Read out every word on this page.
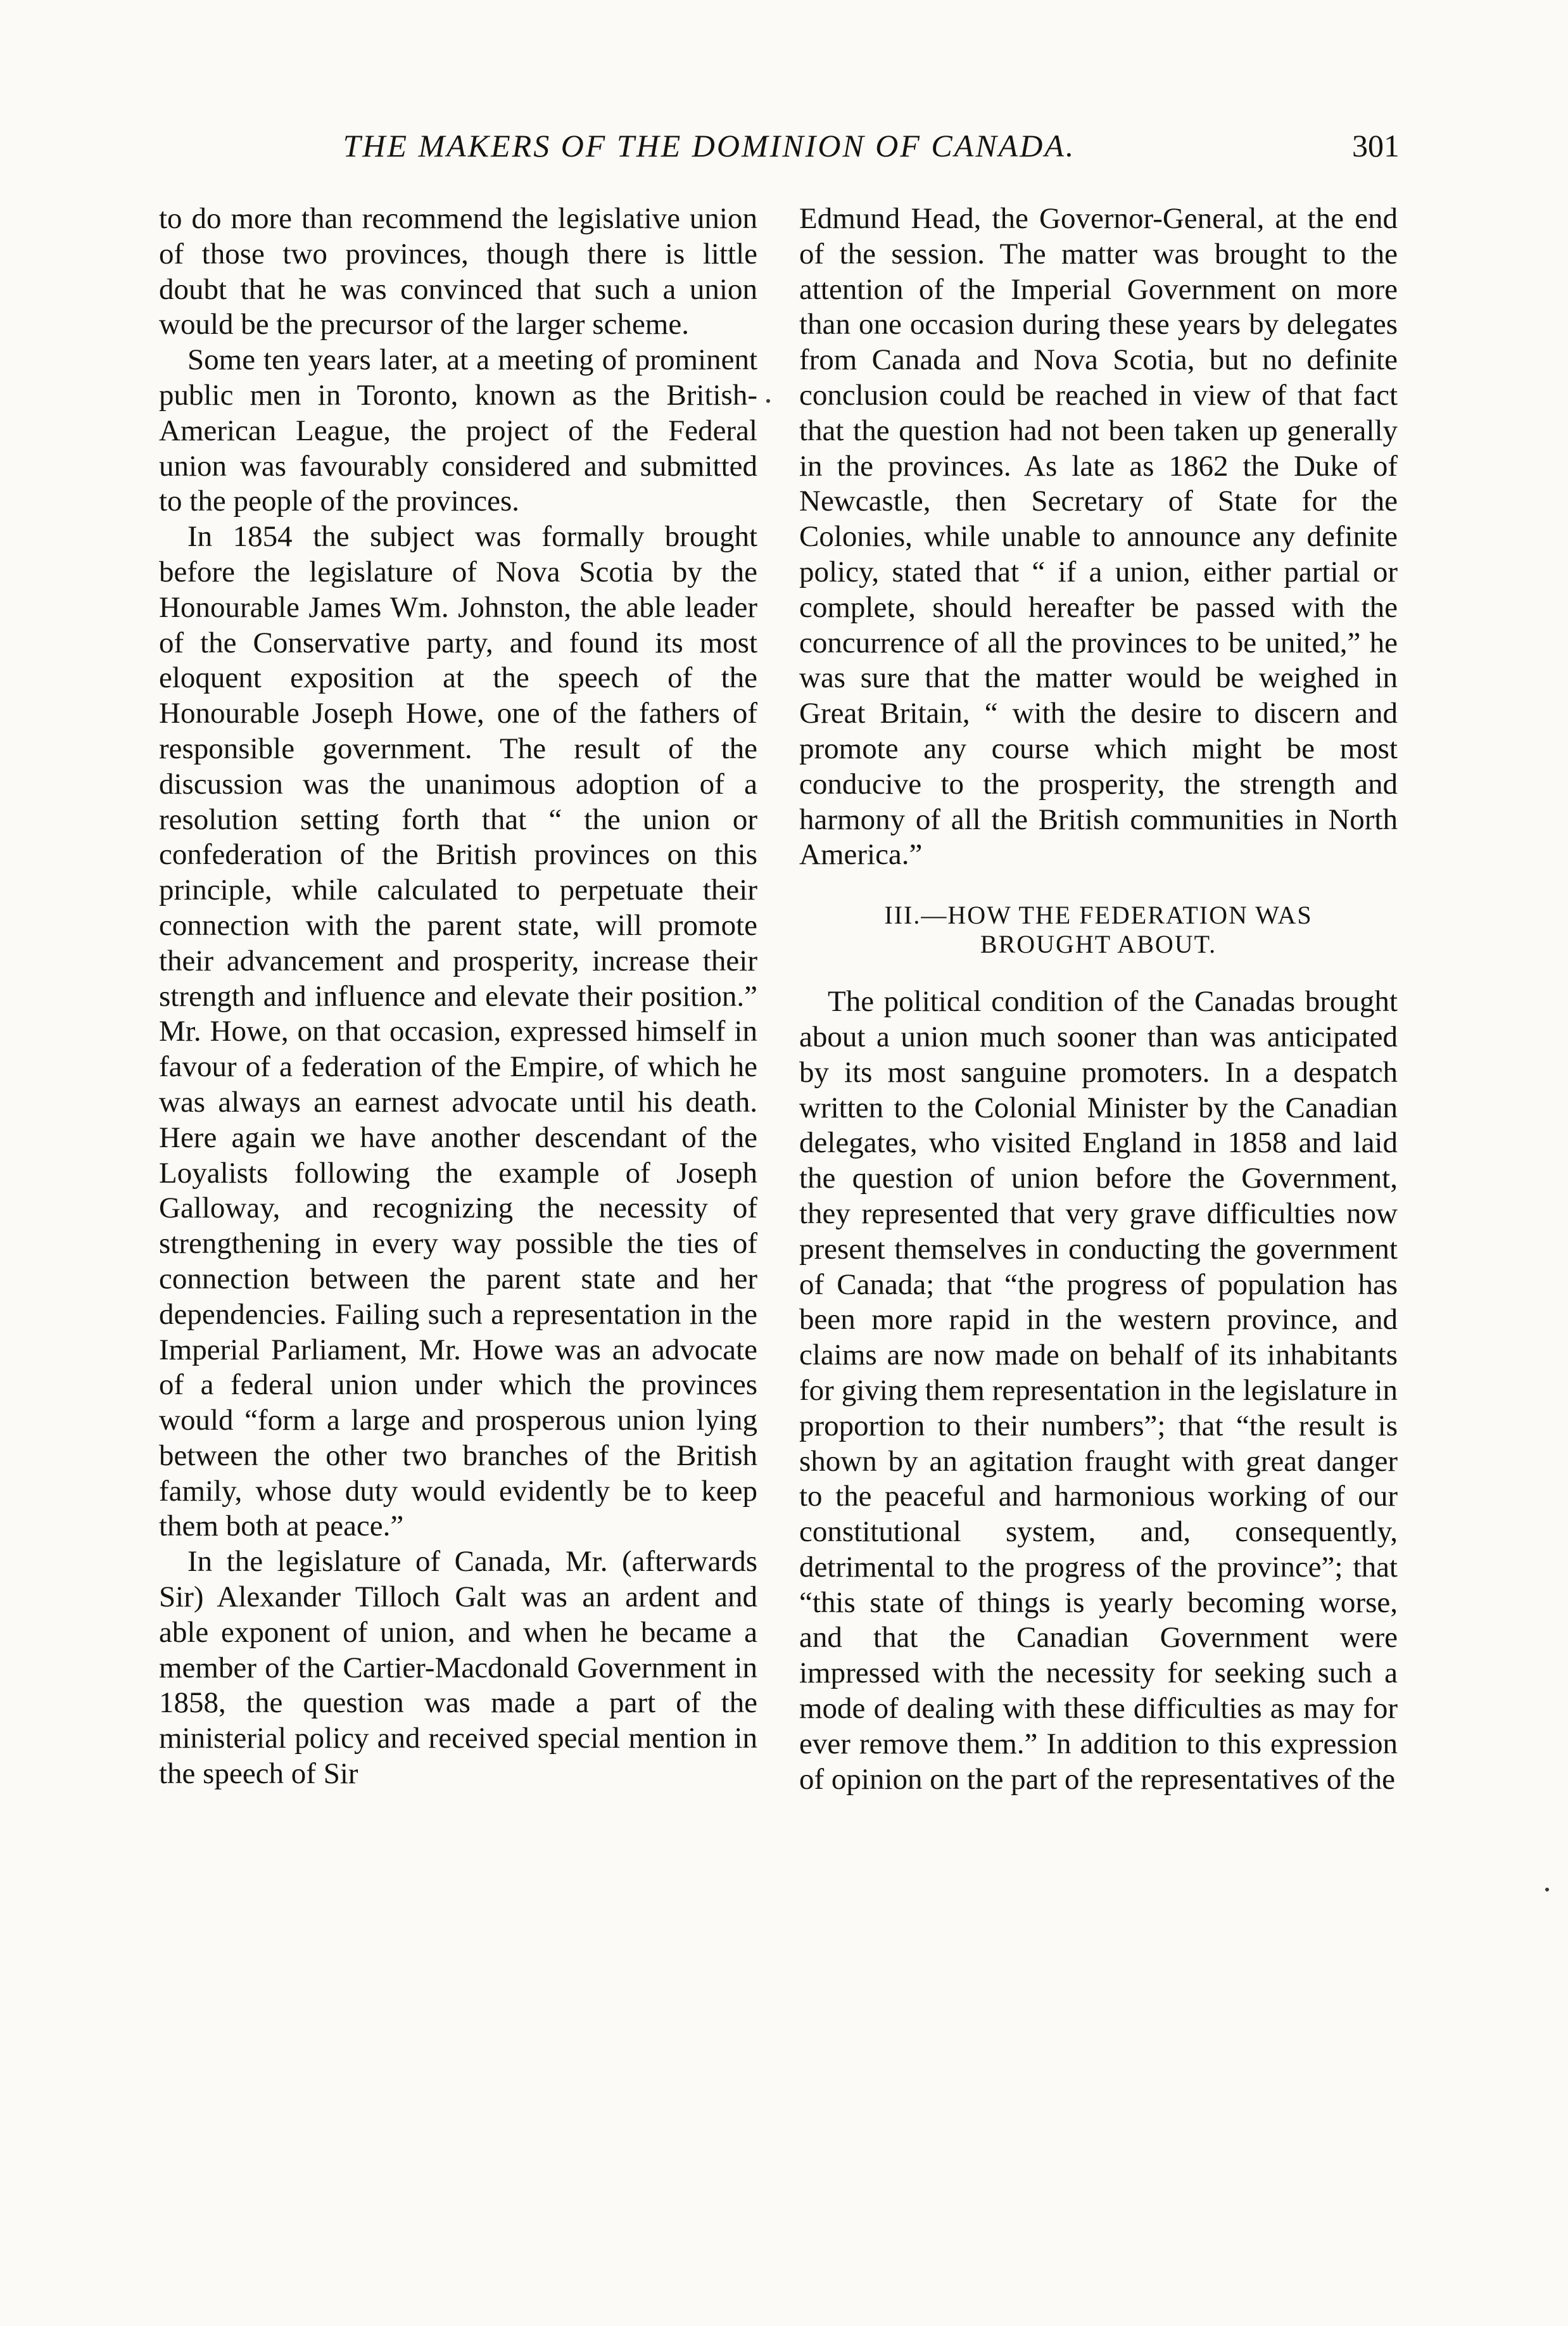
THE MAKERS OF THE DOMINION OF CANADA.	301

to do more than recommend the legislative union of those two provinces, though there is little doubt that he was convinced that such a union would be the precursor of the larger scheme.

Some ten years later, at a meeting of prominent public men in Toronto, known as the British-American League, the project of the Federal union was favourably considered and submitted to the people of the provinces.

In 1854 the subject was formally brought before the legislature of Nova Scotia by the Honourable James Wm. Johnston, the able leader of the Conservative party, and found its most eloquent exposition at the speech of the Honourable Joseph Howe, one of the fathers of responsible government. The result of the discussion was the unanimous adoption of a resolution setting forth that “ the union or confederation of the British provinces on this principle, while calculated to perpetuate their connection with the parent state, will promote their advancement and prosperity, increase their strength and influence and elevate their position.” Mr. Howe, on that occasion, expressed himself in favour of a federation of the Empire, of which he was always an earnest advocate until his death. Here again we have another descendant of the Loyalists following the example of Joseph Galloway, and recognizing the necessity of strengthening in every way possible the ties of connection between the parent state and her dependencies. Failing such a representation in the Imperial Parliament, Mr. Howe was an advocate of a federal union under which the provinces would “form a large and prosperous union lying between the other two branches of the British family, whose duty would evidently be to keep them both at peace.”

In the legislature of Canada, Mr. (afterwards Sir) Alexander Tilloch Galt was an ardent and able exponent of union, and when he became a member of the Cartier-Macdonald Government in 1858, the question was made a part of the ministerial policy and received special mention in the speech of Sir

Edmund Head, the Governor-General, at the end of the session. The matter was brought to the attention of the Imperial Government on more than one occasion during these years by delegates from Canada and Nova Scotia, but no definite conclusion could be reached in view of that fact that the question had not been taken up generally in the provinces. As late as 1862 the Duke of Newcastle, then Secretary of State for the Colonies, while unable to announce any definite policy, stated that “ if a union, either partial or complete, should hereafter be passed with the concurrence of all the provinces to be united,” he was sure that the matter would be weighed in Great Britain, “ with the desire to discern and promote any course which might be most conducive to the prosperity, the strength and harmony of all the British communities in North America.”

III.—HOW THE FEDERATION WAS
BROUGHT ABOUT.

The political condition of the Canadas brought about a union much sooner than was anticipated by its most sanguine promoters. In a despatch written to the Colonial Minister by the Canadian delegates, who visited England in 1858 and laid the question of union before the Government, they represented that very grave difficulties now present themselves in conducting the government of Canada; that “the progress of population has been more rapid in the western province, and claims are now made on behalf of its inhabitants for giving them representation in the legislature in proportion to their numbers”; that “the result is shown by an agitation fraught with great danger to the peaceful and harmonious working of our constitutional system, and, consequently, detrimental to the progress of the province”; that “this state of things is yearly becoming worse, and that the Canadian Government were impressed with the necessity for seeking such a mode of dealing with these difficulties as may for ever remove them.” In addition to this expression of opinion on the part of the representatives of the
